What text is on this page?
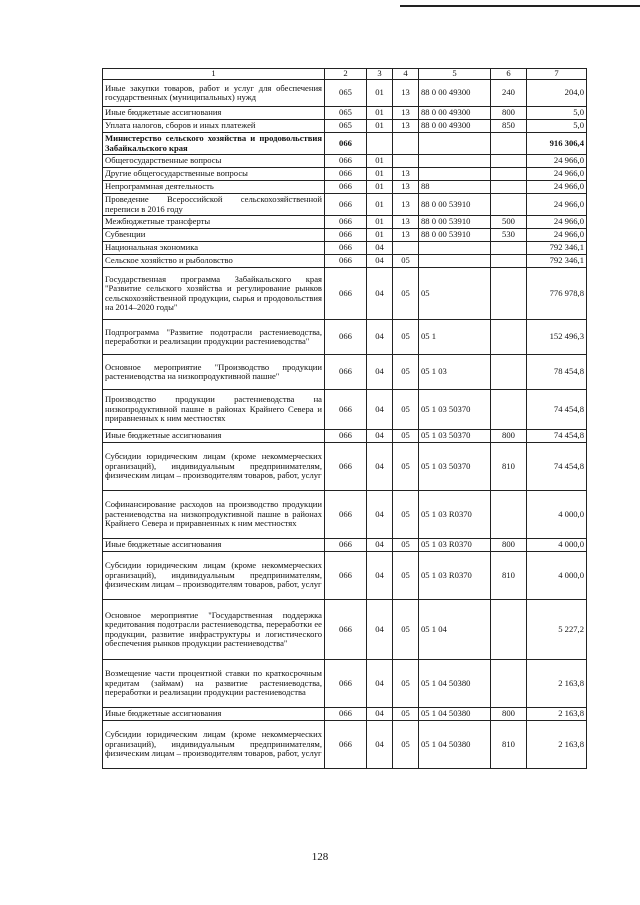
1	2	3	4	5	6	7
Иные закупки товаров, работ и услуг для обеспечения государственных (муниципальных) нужд	065	01	13	88 0 00 49300	240	204,0
Иные бюджетные ассигнования	065	01	13	88 0 00 49300	800	5,0
Уплата налогов, сборов и иных платежей	065	01	13	88 0 00 49300	850	5,0
Министерство сельского хозяйства и продовольствия Забайкальского края	066					916 306,4
Общегосударственные вопросы	066	01				24 966,0
Другие общегосударственные вопросы	066	01	13			24 966,0
Непрограммная деятельность	066	01	13	88		24 966,0
Проведение Всероссийской сельскохозяйственной переписи в 2016 году	066	01	13	88 0 00 53910		24 966,0
Межбюджетные трансферты	066	01	13	88 0 00 53910	500	24 966,0
Субвенции	066	01	13	88 0 00 53910	530	24 966,0
Национальная экономика	066	04				792 346,1
Сельское хозяйство и рыболовство	066	04	05			792 346,1
Государственная программа Забайкальского края "Развитие сельского хозяйства и регулирование рынков сельскохозяйственной продукции, сырья и продовольствия на 2014–2020 годы"	066	04	05	05		776 978,8
Подпрограмма "Развитие подотрасли растениеводства, переработки и реализации продукции растениеводства"	066	04	05	05 1		152 496,3
Основное мероприятие "Производство продукции растениеводства на низкопродуктивной пашне"	066	04	05	05 1 03		78 454,8
Производство продукции растениеводства на низкопродуктивной пашне в районах Крайнего Севера и приравненных к ним местностях	066	04	05	05 1 03 50370		74 454,8
Иные бюджетные ассигнования	066	04	05	05 1 03 50370	800	74 454,8
Субсидии юридическим лицам (кроме некоммерческих организаций), индивидуальным предпринимателям, физическим лицам – производителям товаров, работ, услуг	066	04	05	05 1 03 50370	810	74 454,8
Софинансирование расходов на производство продукции растениеводства на низкопродуктивной пашне в районах Крайнего Севера и приравненных к ним местностях	066	04	05	05 1 03 R0370		4 000,0
Иные бюджетные ассигнования	066	04	05	05 1 03 R0370	800	4 000,0
Субсидии юридическим лицам (кроме некоммерческих организаций), индивидуальным предпринимателям, физическим лицам – производителям товаров, работ, услуг	066	04	05	05 1 03 R0370	810	4 000,0
Основное мероприятие "Государственная поддержка кредитования подотрасли растениеводства, переработки ее продукции, развитие инфраструктуры и логистического обеспечения рынков продукции растениеводства"	066	04	05	05 1 04		5 227,2
Возмещение части процентной ставки по краткосрочным кредитам (займам) на развитие растениеводства, переработки и реализации продукции растениеводства	066	04	05	05 1 04 50380		2 163,8
Иные бюджетные ассигнования	066	04	05	05 1 04 50380	800	2 163,8
Субсидии юридическим лицам (кроме некоммерческих организаций), индивидуальным предпринимателям, физическим лицам – производителям товаров, работ, услуг	066	04	05	05 1 04 50380	810	2 163,8
128
